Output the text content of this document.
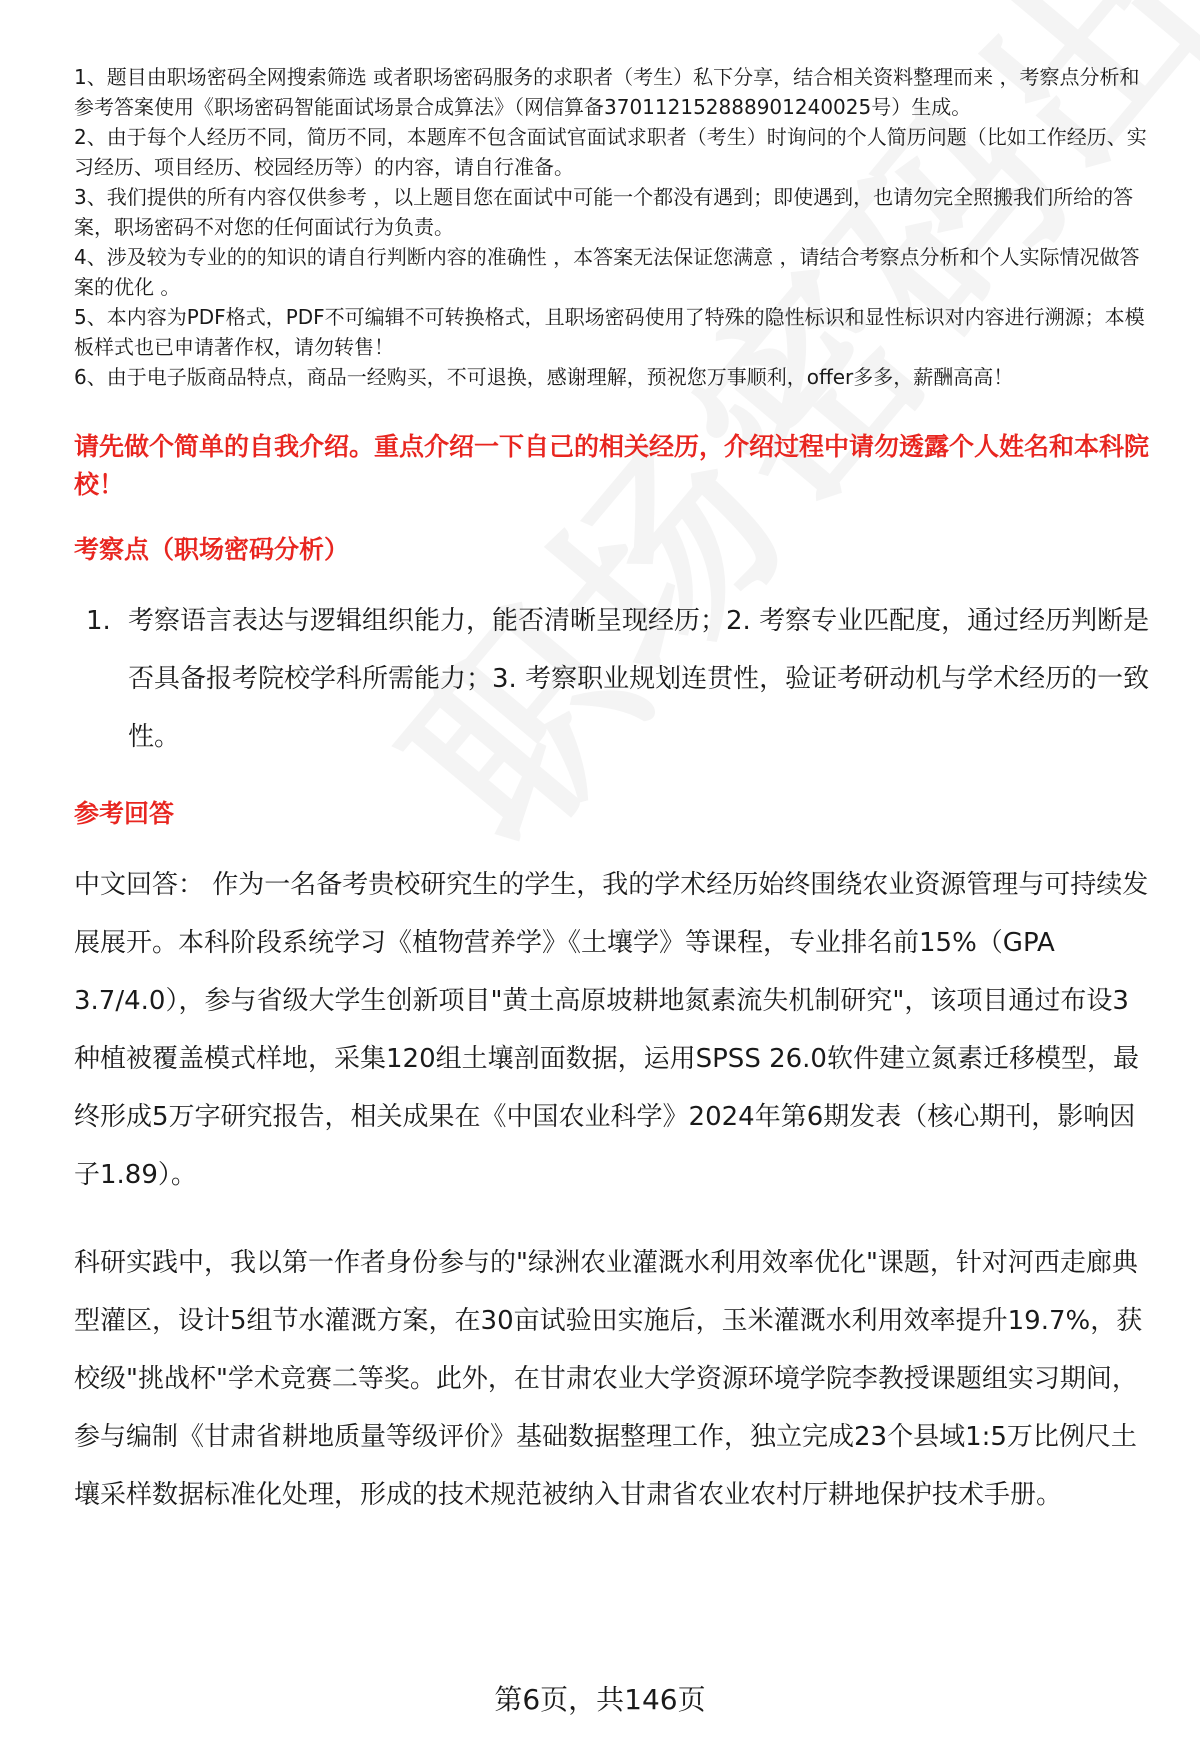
1、题目由职场密码全网搜索筛选 或者职场密码服务的求职者（考生）私下分享，结合相关资料整理而来 ，考察点分析和参考答案使用《职场密码智能面试场景合成算法》（网信算备370112152888901240025号）生成。

2、由于每个人经历不同，简历不同，本题库不包含面试官面试求职者（考生）时询问的个人简历问题（比如工作经历、实习经历、项目经历、校园经历等）的内容，请自行准备。

3、我们提供的所有内容仅供参考 ，以上题目您在面试中可能一个都没有遇到；即使遇到，也请勿完全照搬我们所给的答案，职场密码不对您的任何面试行为负责。

4、涉及较为专业的的知识的请自行判断内容的准确性 ，本答案无法保证您满意 ，请结合考察点分析和个人实际情况做答案的优化 。

5、本内容为PDF格式，PDF不可编辑不可转换格式，且职场密码使用了特殊的隐性标识和显性标识对内容进行溯源；本模板样式也已申请著作权，请勿转售！

6、由于电子版商品特点，商品一经购买，不可退换，感谢理解，预祝您万事顺利，offer多多，薪酬高高！

请先做个简单的自我介绍。重点介绍一下自己的相关经历，介绍过程中请勿透露个人姓名和本科院校！
考察点（职场密码分析）
1. 考察语言表达与逻辑组织能力，能否清晰呈现经历；2. 考察专业匹配度，通过经历判断是否具备报考院校学科所需能力；3. 考察职业规划连贯性，验证考研动机与学术经历的一致性。
参考回答

中文回答： 作为一名备考贵校研究生的学生，我的学术经历始终围绕农业资源管理与可持续发展展开。本科阶段系统学习《植物营养学》《土壤学》等课程，专业排名前15%（GPA 3.7/4.0），参与省级大学生创新项目"黄土高原坡耕地氮素流失机制研究"，该项目通过布设3种植被覆盖模式样地，采集120组土壤剖面数据，运用SPSS 26.0软件建立氮素迁移模型，最终形成5万字研究报告，相关成果在《中国农业科学》2024年第6期发表（核心期刊，影响因子1.89）。

科研实践中，我以第一作者身份参与的"绿洲农业灌溉水利用效率优化"课题，针对河西走廊典型灌区，设计5组节水灌溉方案，在30亩试验田实施后，玉米灌溉水利用效率提升19.7%，获校级"挑战杯"学术竞赛二等奖。此外，在甘肃农业大学资源环境学院李教授课题组实习期间，参与编制《甘肃省耕地质量等级评价》基础数据整理工作，独立完成23个县域1:5万比例尺土壤采样数据标准化处理，形成的技术规范被纳入甘肃省农业农村厅耕地保护技术手册。

第6页，共146页
